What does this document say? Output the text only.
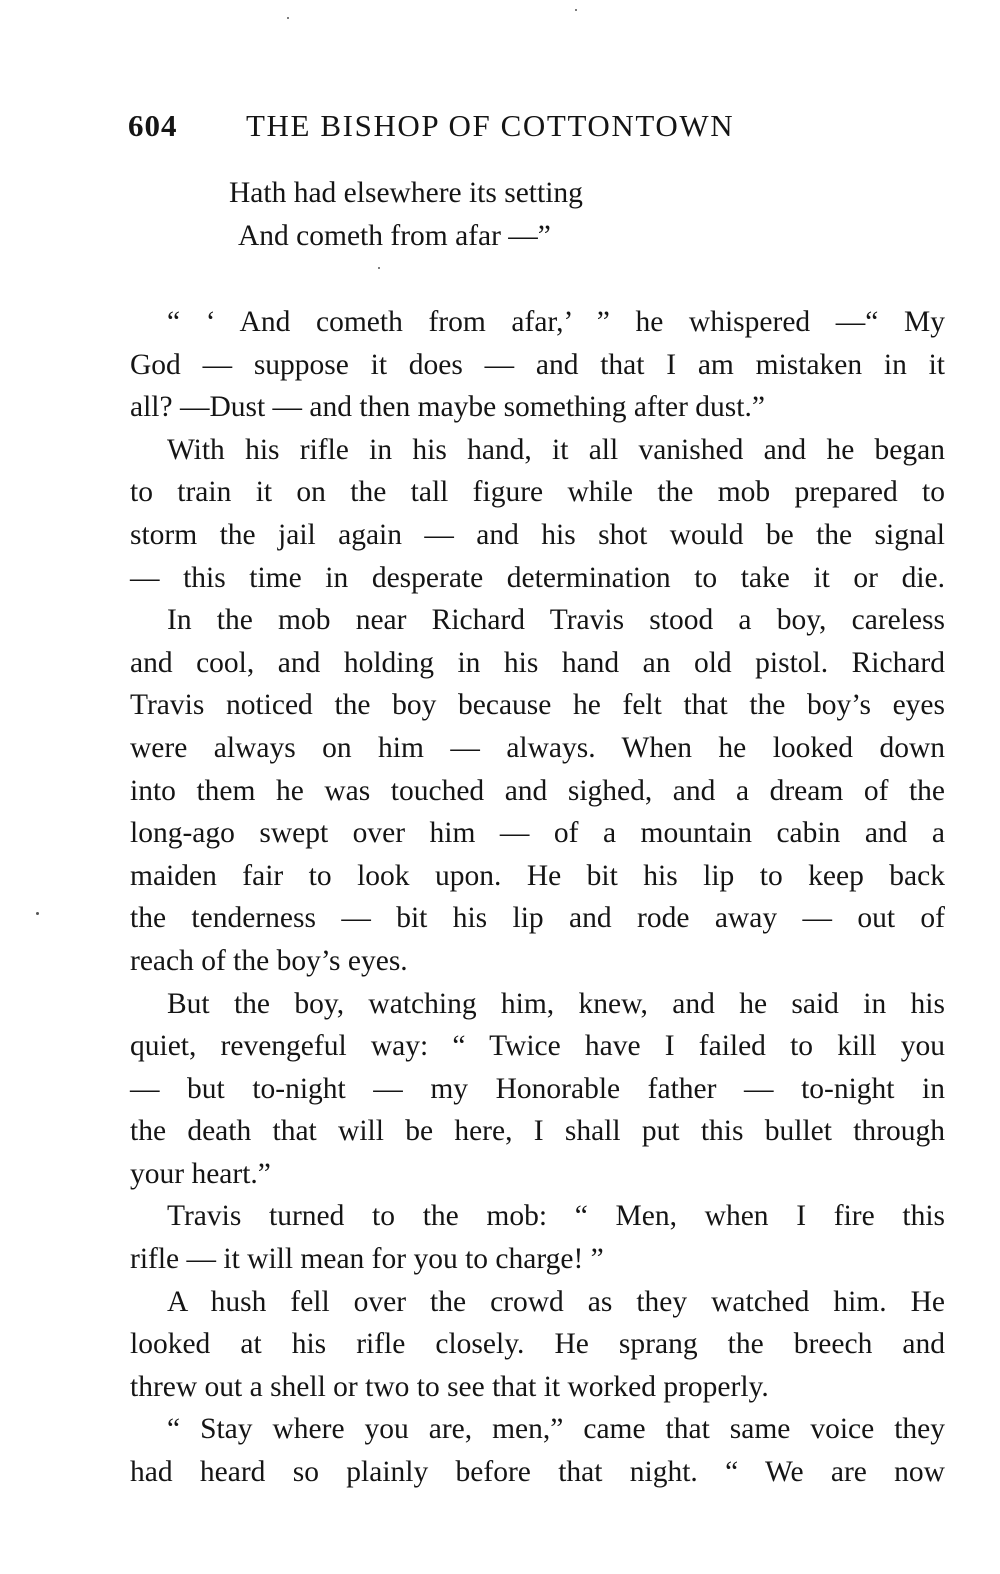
604 THE BISHOP OF COTTONTOWN
Hath had elsewhere its setting
And cometh from afar —”
“ ‘ And cometh from afar,’ ” he whispered —“ My
God — suppose it does — and that I am mistaken in it
all? —Dust — and then maybe something after dust.”
With his rifle in his hand, it all vanished and he began
to train it on the tall figure while the mob prepared to
storm the jail again — and his shot would be the signal
— this time in desperate determination to take it or die.
In the mob near Richard Travis stood a boy, careless
and cool, and holding in his hand an old pistol. Richard
Travis noticed the boy because he felt that the boy’s eyes
were always on him — always. When he looked down
into them he was touched and sighed, and a dream of the
long-ago swept over him — of a mountain cabin and a
maiden fair to look upon. He bit his lip to keep back
the tenderness — bit his lip and rode away — out of
reach of the boy’s eyes.
But the boy, watching him, knew, and he said in his
quiet, revengeful way: “ Twice have I failed to kill you
— but to-night — my Honorable father — to-night in
the death that will be here, I shall put this bullet through
your heart.”
Travis turned to the mob: “ Men, when I fire this
rifle — it will mean for you to charge! ”
A hush fell over the crowd as they watched him. He
looked at his rifle closely. He sprang the breech and
threw out a shell or two to see that it worked properly.
“ Stay where you are, men,” came that same voice they
had heard so plainly before that night. “ We are now
